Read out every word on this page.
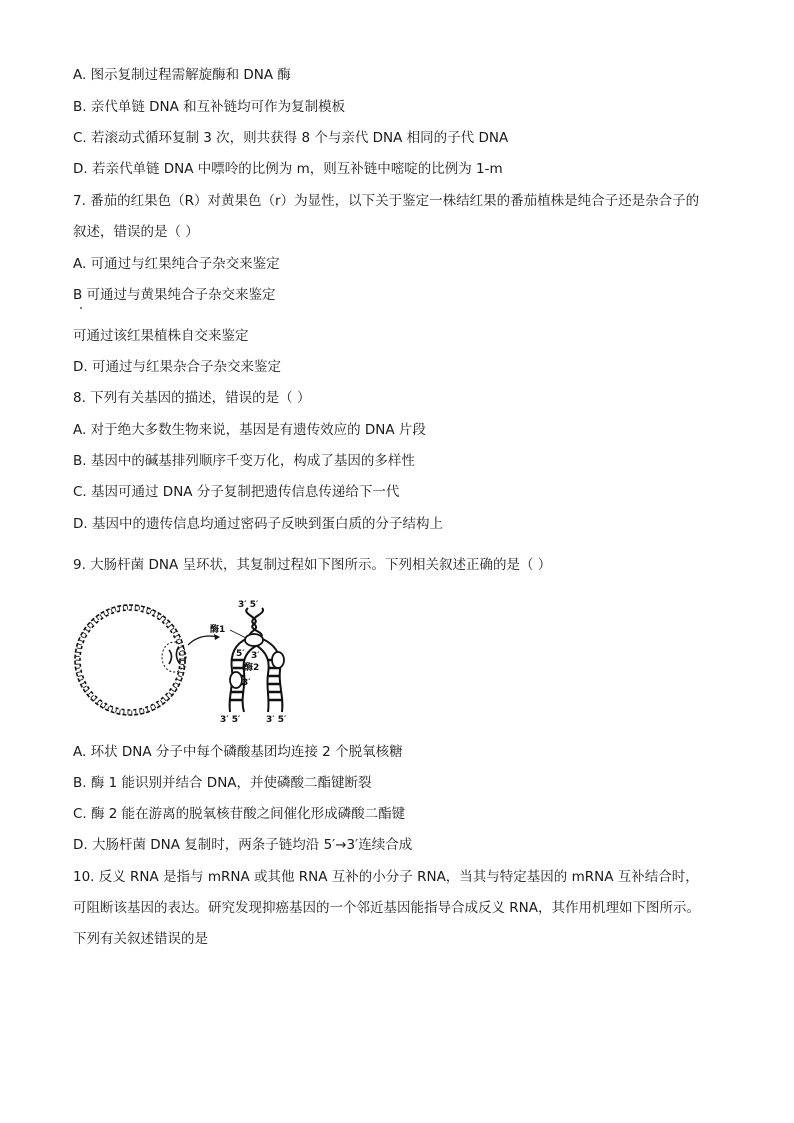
A. 图示复制过程需解旋酶和 DNA 酶
B. 亲代单链 DNA 和互补链均可作为复制模板
C. 若滚动式循环复制 3 次，则共获得 8 个与亲代 DNA 相同的子代 DNA
D. 若亲代单链 DNA 中嘌呤的比例为 m，则互补链中嘧啶的比例为 1-m
7. 番茄的红果色（R）对黄果色（r）为显性，以下关于鉴定一株结红果的番茄植株是纯合子还是杂合子的
叙述，错误的是（ ）
A. 可通过与红果纯合子杂交来鉴定
B 可通过与黄果纯合子杂交来鉴定
可通过该红果植株自交来鉴定
D. 可通过与红果杂合子杂交来鉴定
8. 下列有关基因的描述，错误的是（ ）
A. 对于绝大多数生物来说，基因是有遗传效应的 DNA 片段
B. 基因中的碱基排列顺序千变万化，构成了基因的多样性
C. 基因可通过 DNA 分子复制把遗传信息传递给下一代
D. 基因中的遗传信息均通过密码子反映到蛋白质的分子结构上
9. 大肠杆菌 DNA 呈环状，其复制过程如下图所示。下列相关叙述正确的是（ ）
3′ 5′
酶1
5′ 3′
酶2
3′
3′ 5′	3′ 5′
A. 环状 DNA 分子中每个磷酸基团均连接 2 个脱氧核糖
B. 酶 1 能识别并结合 DNA，并使磷酸二酯键断裂
C. 酶 2 能在游离的脱氧核苷酸之间催化形成磷酸二酯键
D. 大肠杆菌 DNA 复制时，两条子链均沿 5′→3′连续合成
10. 反义 RNA 是指与 mRNA 或其他 RNA 互补的小分子 RNA，当其与特定基因的 mRNA 互补结合时，
可阻断该基因的表达。研究发现抑癌基因的一个邻近基因能指导合成反义 RNA，其作用机理如下图所示。
下列有关叙述错误的是
